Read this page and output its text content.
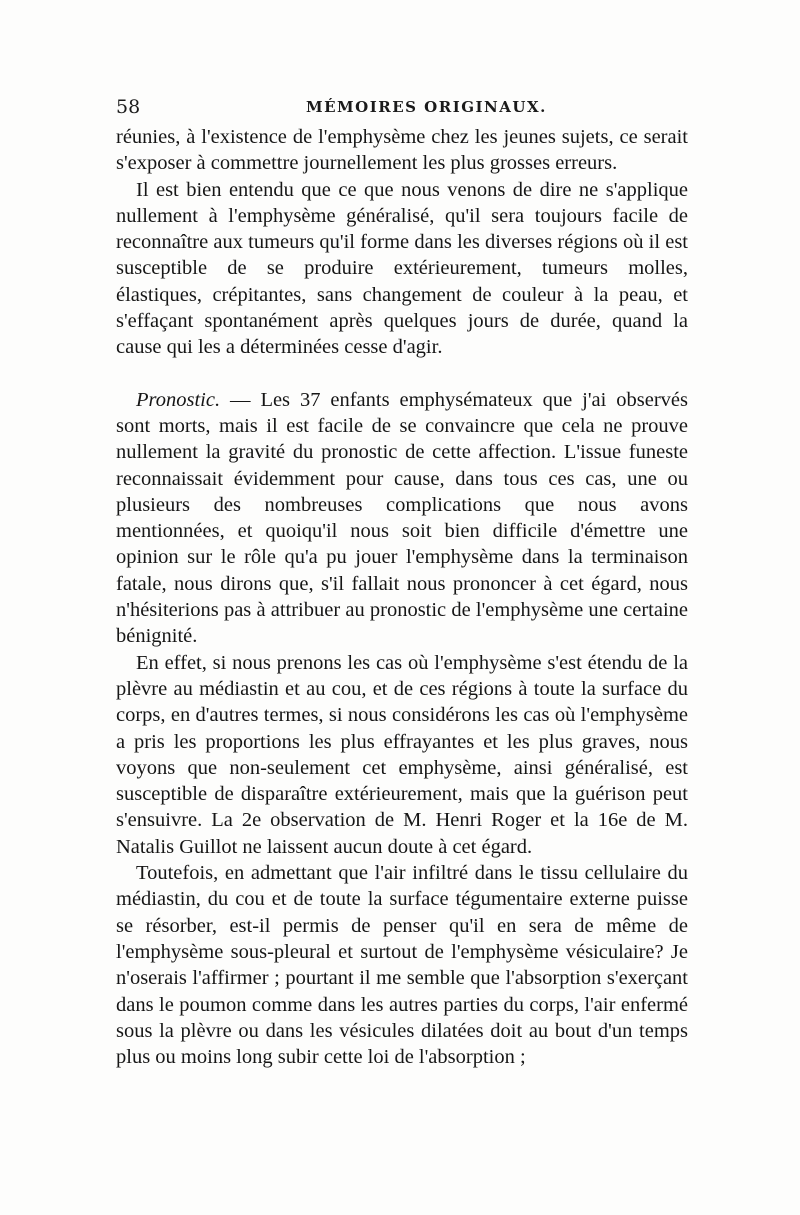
58	MÉMOIRES ORIGINAUX.

réunies, à l'existence de l'emphysème chez les jeunes sujets, ce serait s'exposer à commettre journellement les plus grosses erreurs.

Il est bien entendu que ce que nous venons de dire ne s'applique nullement à l'emphysème généralisé, qu'il sera toujours facile de reconnaître aux tumeurs qu'il forme dans les diverses régions où il est susceptible de se produire extérieurement, tumeurs molles, élastiques, crépitantes, sans changement de couleur à la peau, et s'effaçant spontanément après quelques jours de durée, quand la cause qui les a déterminées cesse d'agir.

Pronostic. — Les 37 enfants emphysémateux que j'ai observés sont morts, mais il est facile de se convaincre que cela ne prouve nullement la gravité du pronostic de cette affection. L'issue funeste reconnaissait évidemment pour cause, dans tous ces cas, une ou plusieurs des nombreuses complications que nous avons mentionnées, et quoiqu'il nous soit bien difficile d'émettre une opinion sur le rôle qu'a pu jouer l'emphysème dans la terminaison fatale, nous dirons que, s'il fallait nous prononcer à cet égard, nous n'hésiterions pas à attribuer au pronostic de l'emphysème une certaine bénignité.

En effet, si nous prenons les cas où l'emphysème s'est étendu de la plèvre au médiastin et au cou, et de ces régions à toute la surface du corps, en d'autres termes, si nous considérons les cas où l'emphysème a pris les proportions les plus effrayantes et les plus graves, nous voyons que non-seulement cet emphysème, ainsi généralisé, est susceptible de disparaître extérieurement, mais que la guérison peut s'ensuivre. La 2e observation de M. Henri Roger et la 16e de M. Natalis Guillot ne laissent aucun doute à cet égard.

Toutefois, en admettant que l'air infiltré dans le tissu cellulaire du médiastin, du cou et de toute la surface tégumentaire externe puisse se résorber, est-il permis de penser qu'il en sera de même de l'emphysème sous-pleural et surtout de l'emphysème vésiculaire? Je n'oserais l'affirmer ; pourtant il me semble que l'absorption s'exerçant dans le poumon comme dans les autres parties du corps, l'air enfermé sous la plèvre ou dans les vésicules dilatées doit au bout d'un temps plus ou moins long subir cette loi de l'absorption ;
